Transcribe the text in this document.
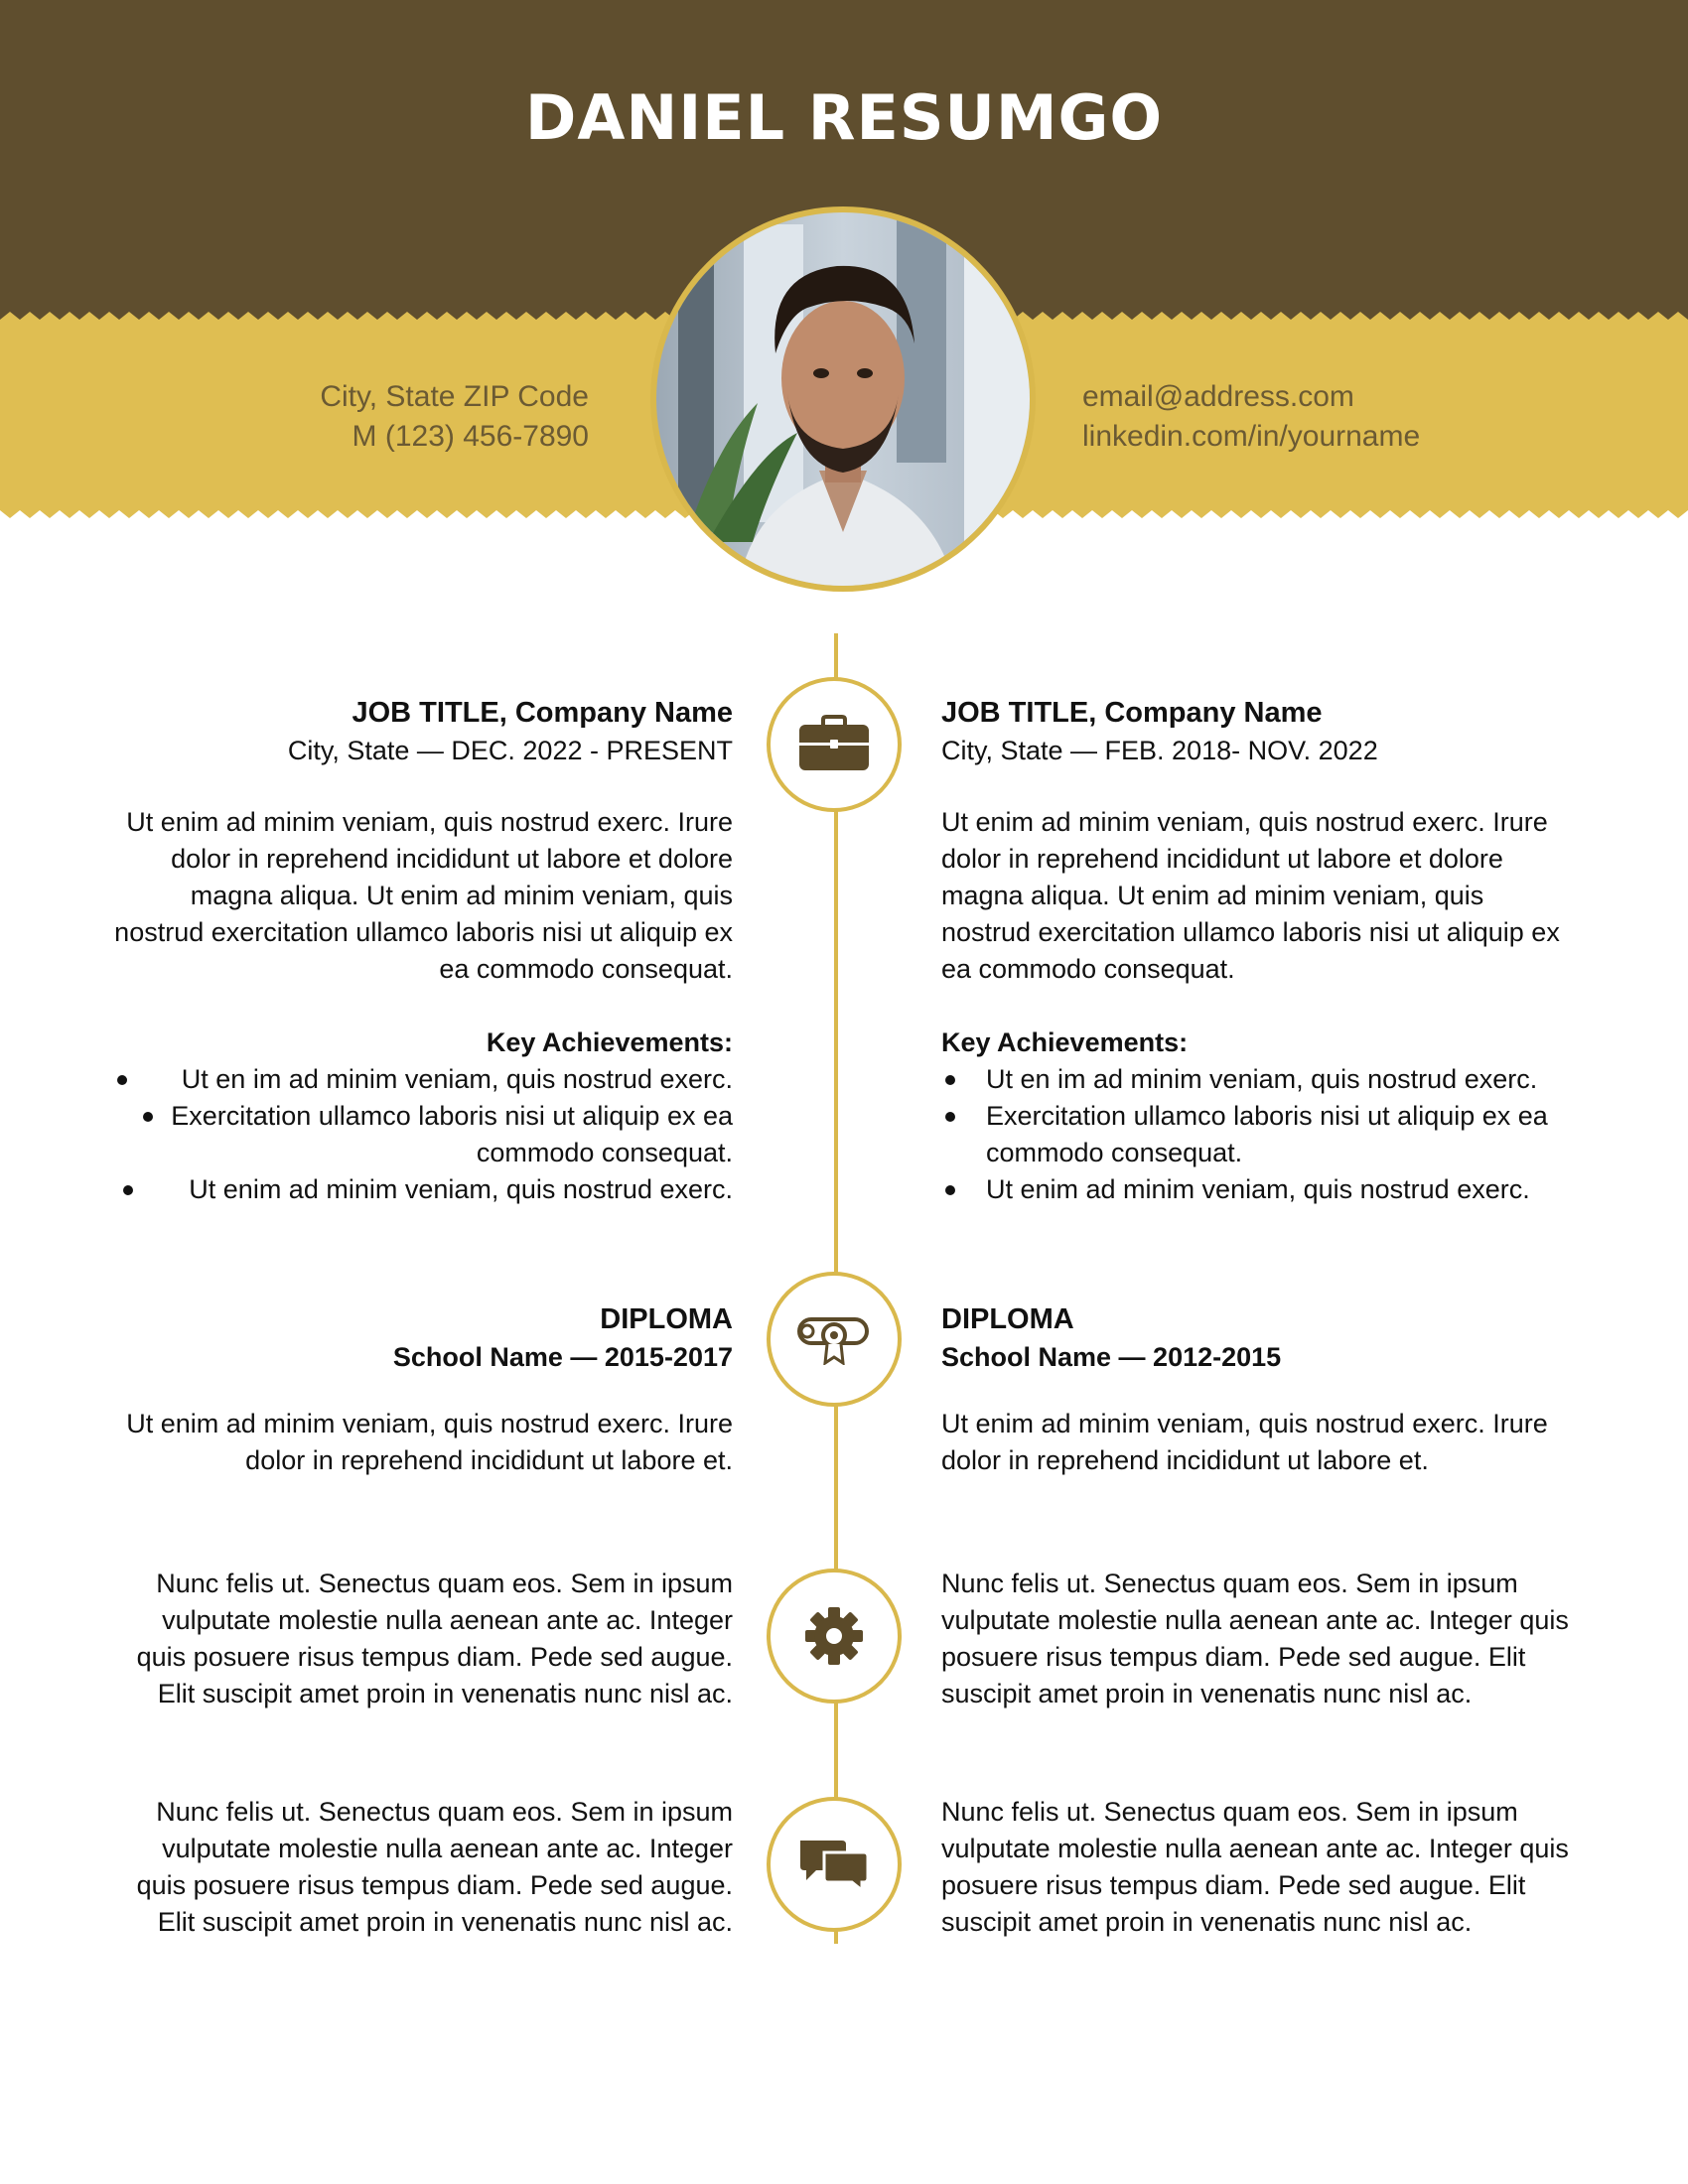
DANIEL RESUMGO
City, State ZIP Code
M (123) 456-7890
email@address.com
linkedin.com/in/yourname
JOB TITLE, Company Name
City, State — DEC. 2022 - PRESENT

Ut enim ad minim veniam, quis nostrud exerc. Irure dolor in reprehend incididunt ut labore et dolore magna aliqua. Ut enim ad minim veniam, quis nostrud exercitation ullamco laboris nisi ut aliquip ex ea commodo consequat.

Key Achievements:
Ut en im ad minim veniam, quis nostrud exerc.
Exercitation ullamco laboris nisi ut aliquip ex ea commodo consequat.
Ut enim ad minim veniam, quis nostrud exerc.
JOB TITLE, Company Name
City, State — FEB. 2018- NOV. 2022

Ut enim ad minim veniam, quis nostrud exerc. Irure dolor in reprehend incididunt ut labore et dolore magna aliqua. Ut enim ad minim veniam, quis nostrud exercitation ullamco laboris nisi ut aliquip ex ea commodo consequat.

Key Achievements:
Ut en im ad minim veniam, quis nostrud exerc.
Exercitation ullamco laboris nisi ut aliquip ex ea commodo consequat.
Ut enim ad minim veniam, quis nostrud exerc.
DIPLOMA
School Name — 2015-2017

Ut enim ad minim veniam, quis nostrud exerc. Irure dolor in reprehend incididunt ut labore et.

DIPLOMA
School Name — 2012-2015

Ut enim ad minim veniam, quis nostrud exerc. Irure dolor in reprehend incididunt ut labore et.

Nunc felis ut. Senectus quam eos. Sem in ipsum vulputate molestie nulla aenean ante ac. Integer quis posuere risus tempus diam. Pede sed augue. Elit suscipit amet proin in venenatis nunc nisl ac.

Nunc felis ut. Senectus quam eos. Sem in ipsum vulputate molestie nulla aenean ante ac. Integer quis posuere risus tempus diam. Pede sed augue. Elit suscipit amet proin in venenatis nunc nisl ac.

Nunc felis ut. Senectus quam eos. Sem in ipsum vulputate molestie nulla aenean ante ac. Integer quis posuere risus tempus diam. Pede sed augue. Elit suscipit amet proin in venenatis nunc nisl ac.

Nunc felis ut. Senectus quam eos. Sem in ipsum vulputate molestie nulla aenean ante ac. Integer quis posuere risus tempus diam. Pede sed augue. Elit suscipit amet proin in venenatis nunc nisl ac.
